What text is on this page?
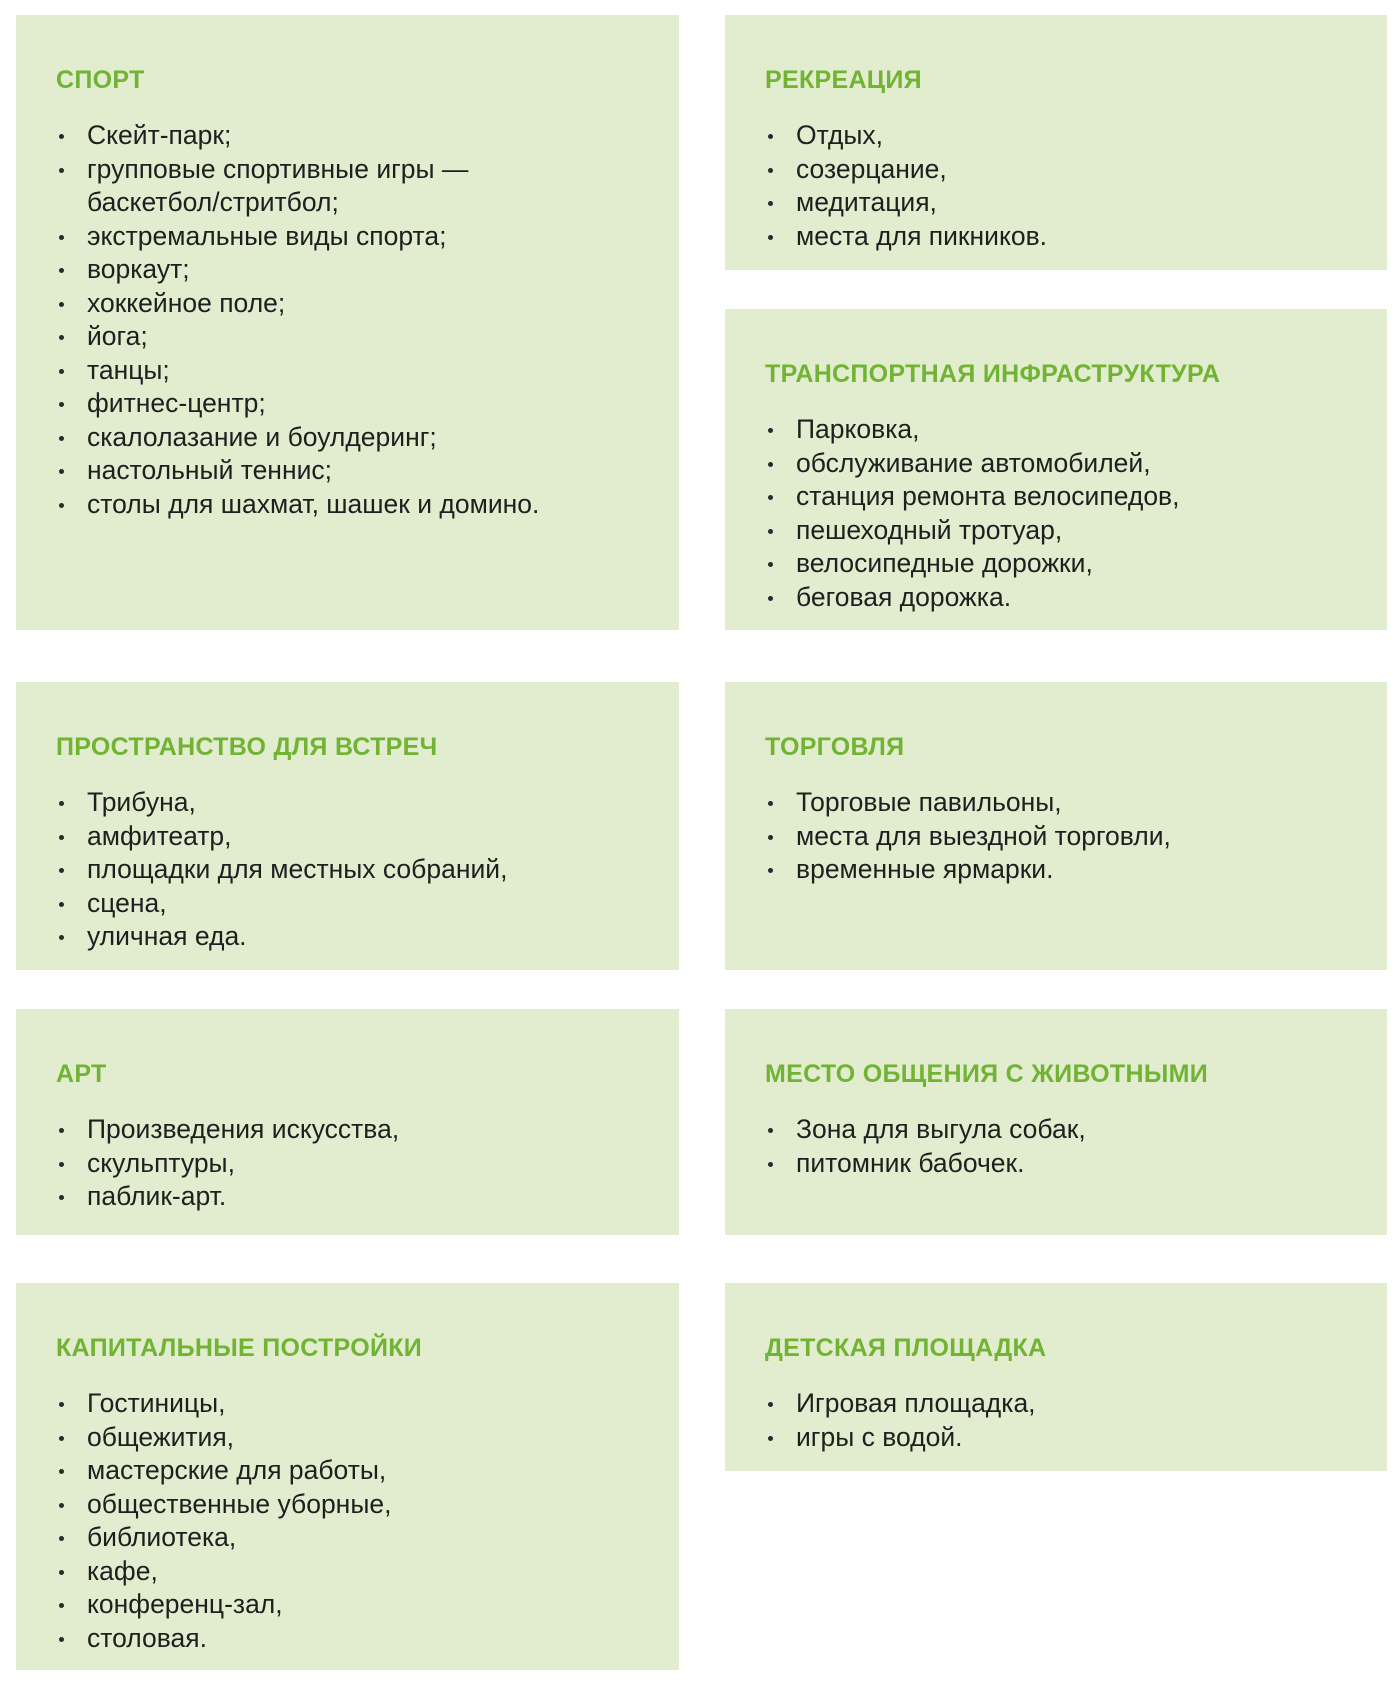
СПОРТ
Скейт-парк;
групповые спортивные игры —
баскетбол/стритбол;
экстремальные виды спорта;
воркаут;
хоккейное поле;
йога;
танцы;
фитнес-центр;
скалолазание и боулдеринг;
настольный теннис;
столы для шахмат, шашек и домино.
РЕКРЕАЦИЯ
Отдых,
созерцание,
медитация,
места для пикников.
ТРАНСПОРТНАЯ ИНФРАСТРУКТУРА
Парковка,
обслуживание автомобилей,
станция ремонта велосипедов,
пешеходный тротуар,
велосипедные дорожки,
беговая дорожка.
ПРОСТРАНСТВО ДЛЯ ВСТРЕЧ
Трибуна,
амфитеатр,
площадки для местных собраний,
сцена,
уличная еда.
ТОРГОВЛЯ
Торговые павильоны,
места для выездной торговли,
временные ярмарки.
АРТ
Произведения искусства,
скульптуры,
паблик-арт.
МЕСТО ОБЩЕНИЯ С ЖИВОТНЫМИ
Зона для выгула собак,
питомник бабочек.
КАПИТАЛЬНЫЕ ПОСТРОЙКИ
Гостиницы,
общежития,
мастерские для работы,
общественные уборные,
библиотека,
кафе,
конференц-зал,
столовая.
ДЕТСКАЯ ПЛОЩАДКА
Игровая площадка,
игры с водой.
